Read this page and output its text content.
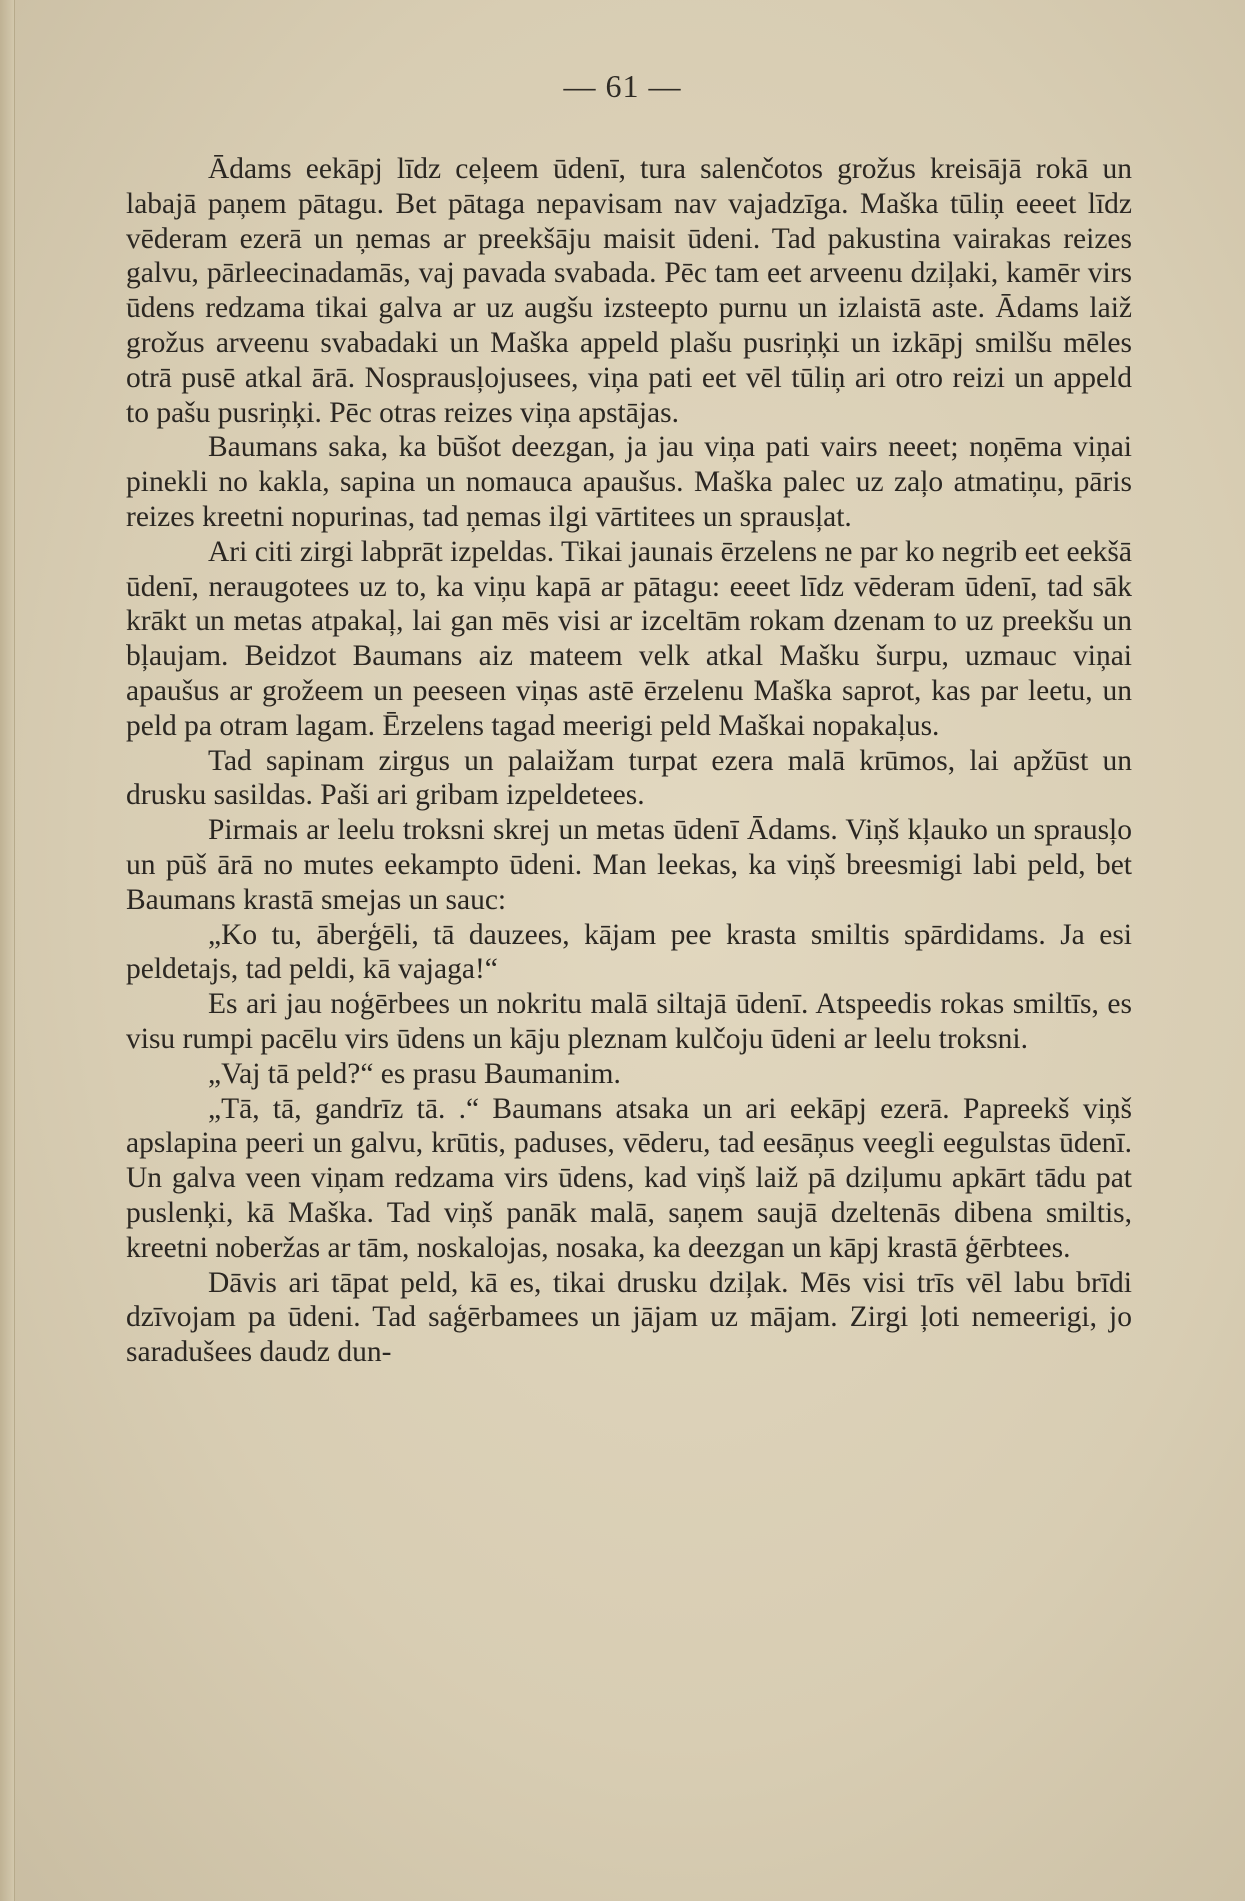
— 61 —

Ādams eekāpj līdz ceļeem ūdenī, tura salenčotos grožus kreisājā rokā un labajā paņem pātagu. Bet pātaga nepavisam nav vajadzīga. Maška tūliņ eeeet līdz vēderam ezerā un ņemas ar preekšāju maisit ūdeni. Tad pakustina vairakas reizes galvu, pārleecinadamās, vaj pavada svabada. Pēc tam eet arveenu dziļaki, kamēr virs ūdens redzama tikai galva ar uz augšu izsteepto purnu un izlaistā aste. Ādams laiž grožus arveenu svabadaki un Maška appeld plašu pusriņķi un izkāpj smilšu mēles otrā pusē atkal ārā. Nosprausļojusees, viņa pati eet vēl tūliņ ari otro reizi un appeld to pašu pusriņķi. Pēc otras reizes viņa apstājas.

Baumans saka, ka būšot deezgan, ja jau viņa pati vairs neeet; noņēma viņai pinekli no kakla, sapina un nomauca apaušus. Maška palec uz zaļo atmatiņu, pāris reizes kreetni nopurinas, tad ņemas ilgi vārtitees un sprausļat.

Ari citi zirgi labprāt izpeldas. Tikai jaunais ērzelens ne par ko negrib eet eekšā ūdenī, neraugotees uz to, ka viņu kapā ar pātagu: eeeet līdz vēderam ūdenī, tad sāk krākt un metas atpakaļ, lai gan mēs visi ar izceltām rokam dzenam to uz preekšu un bļaujam. Beidzot Baumans aiz mateem velk atkal Mašku šurpu, uzmauc viņai apaušus ar grožeem un peeseen viņas astē ērzelenu Maška saprot, kas par leetu, un peld pa otram lagam. Ērzelens tagad meerigi peld Maškai nopakaļus.

Tad sapinam zirgus un palaižam turpat ezera malā krūmos, lai apžūst un drusku sasildas. Paši ari gribam izpeldetees.

Pirmais ar leelu troksni skrej un metas ūdenī Ādams. Viņš kļauko un sprausļo un pūš ārā no mutes eekampto ūdeni. Man leekas, ka viņš breesmigi labi peld, bet Baumans krastā smejas un sauc:

„Ko tu, āberģēli, tā dauzees, kājam pee krasta smiltis spārdidams. Ja esi peldetajs, tad peldi, kā vajaga!“

Es ari jau noģērbees un nokritu malā siltajā ūdenī. Atspeedis rokas smiltīs, es visu rumpi pacēlu virs ūdens un kāju pleznam kulčoju ūdeni ar leelu troksni.

„Vaj tā peld?“ es prasu Baumanim.

„Tā, tā, gandrīz tā. .“ Baumans atsaka un ari eekāpj ezerā. Papreekš viņš apslapina peeri un galvu, krūtis, paduses, vēderu, tad eesāņus veegli eegulstas ūdenī. Un galva veen viņam redzama virs ūdens, kad viņš laiž pā dziļumu apkārt tādu pat puslenķi, kā Maška. Tad viņš panāk malā, saņem saujā dzeltenās dibena smiltis, kreetni noberžas ar tām, noskalojas, nosaka, ka deezgan un kāpj krastā ģērbtees.

Dāvis ari tāpat peld, kā es, tikai drusku dziļak. Mēs visi trīs vēl labu brīdi dzīvojam pa ūdeni. Tad saģērbamees un jājam uz mājam. Zirgi ļoti nemeerigi, jo saradušees daudz dun-
